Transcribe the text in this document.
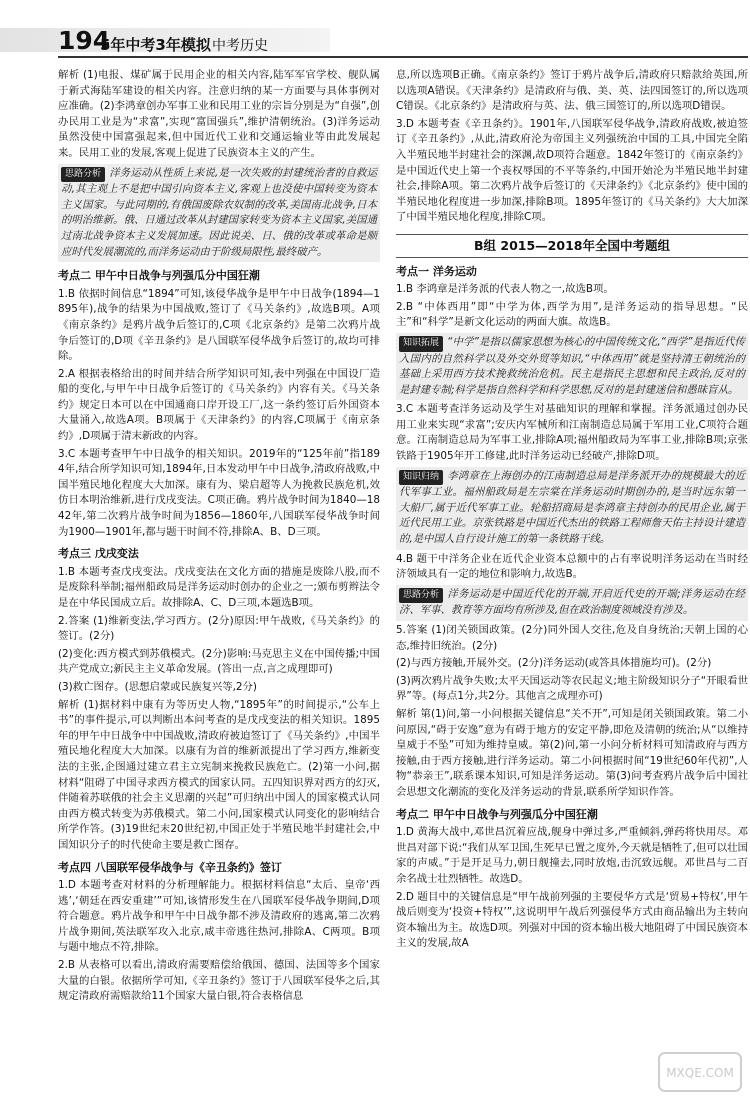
194
5年中考3年模拟 中考历史

解析 (1)电报、煤矿属于民用企业的相关内容,陆军军官学校、舰队属于新式海陆军建设的相关内容。注意归纳的某一方面要与具体事例对应准确。(2)李鸿章创办军事工业和民用工业的宗旨分别是为“自强”,创办民用工业是为“求富”,实现“富国强兵”,维护清朝统治。(3)洋务运动虽然没使中国富强起来,但中国近代工业和交通运输业等由此发展起来。民用工业的发展,客观上促进了民族资本主义的产生。

思路分析 洋务运动从性质上来说,是一次失败的封建统治者的自救运动,其主观上不是把中国引向资本主义,客观上也没使中国转变为资本主义国家。与此同期的,有俄国废除农奴制的改革,美国南北战争,日本的明治维新。俄、日通过改革从封建国家转变为资本主义国家,美国通过南北战争资本主义发展加速。因此说美、日、俄的改革或革命是顺应时代发展潮流的,而洋务运动由于阶级局限性,最终破产。

考点二 甲午中日战争与列强瓜分中国狂潮

1.B 依据时间信息“1894”可知,该侵华战争是甲午中日战争(1894—1895年),战争的结果为中国战败,签订了《马关条约》,故选B项。A项《南京条约》是鸦片战争后签订的,C项《北京条约》是第二次鸦片战争后签订的,D项《辛丑条约》是八国联军侵华战争后签订的,故均可排除。

2.A 根据表格给出的时间并结合所学知识可知,表中列强在中国设厂造船的变化,与甲午中日战争后签订的《马关条约》内容有关。《马关条约》规定日本可以在中国通商口岸开设工厂,这一条约签订后外国资本大量涌入,故选A项。B项属于《天津条约》的内容,C项属于《南京条约》,D项属于清末新政的内容。

3.C 本题考查甲午中日战争的相关知识。2019年的“125年前”指1894年,结合所学知识可知,1894年,日本发动甲午中日战争,清政府战败,中国半殖民地化程度大大加深。康有为、梁启超等人为挽救民族危机,效仿日本明治维新,进行戊戌变法。C项正确。鸦片战争时间为1840—1842年,第二次鸦片战争时间为1856—1860年,八国联军侵华战争时间为1900—1901年,都与题干时间不符,排除A、B、D三项。

考点三 戊戌变法

1.B 本题考查戊戌变法。戊戌变法在文化方面的措施是废除八股,而不是废除科举制;福州船政局是洋务运动时创办的企业之一;颁布剪辫法令是在中华民国成立后。故排除A、C、D三项,本题选B项。

2.答案 (1)维新变法,学习西方。(2分)原因:甲午战败,《马关条约》的签订。(2分)

(2)变化:西方模式到苏俄模式。(2分)影响:马克思主义在中国传播;中国共产党成立;新民主主义革命发展。(答出一点,言之成理即可)

(3)救亡图存。(思想启蒙或民族复兴等,2分)

解析 (1)据材料中康有为等历史人物,“1895年”的时间提示,“公车上书”的事件提示,可以判断出本问考查的是戊戌变法的相关知识。1895年的甲午中日战争中中国战败,清政府被迫签订了《马关条约》,中国半殖民地化程度大大加深。以康有为首的维新派提出了学习西方,维新变法的主张,企图通过建立君主立宪制来挽救民族危亡。(2)第一小问,据材料“阻碍了中国寻求西方模式的国家认同。五四知识界对西方的幻灭,伴随着苏联俄的社会主义思潮的兴起”可归纳出中国人的国家模式认同由西方模式转变为苏俄模式。第二小问,国家模式认同变化的影响结合所学作答。(3)19世纪末20世纪初,中国正处于半殖民地半封建社会,中国知识分子的时代使命主要是救亡图存。

考点四 八国联军侵华战争与《辛丑条约》签订

1.D 本题考查对材料的分析理解能力。根据材料信息“太后、皇帝‘西逃’,‘朝廷在西安重建’”可知,该情形发生在八国联军侵华战争期间,D项符合题意。鸦片战争和甲午中日战争都不涉及清政府的逃离,第二次鸦片战争期间,英法联军攻入北京,咸丰帝逃往热河,排除A、C两项。B项与题中地点不符,排除。

2.B 从表格可以看出,清政府需要赔偿给俄国、德国、法国等多个国家大量的白银。依据所学可知,《辛丑条约》签订于八国联军侵华之后,其规定清政府需赔款给11个国家大量白银,符合表格信息

息,所以选项B正确。《南京条约》签订于鸦片战争后,清政府只赔款给英国,所以选项A错误。《天津条约》是清政府与俄、美、英、法四国签订的,所以选项C错误。《北京条约》是清政府与英、法、俄三国签订的,所以选项D错误。

3.D 本题考查《辛丑条约》。1901年,八国联军侵华战争,清政府战败,被迫签订《辛丑条约》,从此,清政府沦为帝国主义列强统治中国的工具,中国完全陷入半殖民地半封建社会的深渊,故D项符合题意。1842年签订的《南京条约》是中国近代史上第一个丧权辱国的不平等条约,中国开始沦为半殖民地半封建社会,排除A项。第二次鸦片战争后签订的《天津条约》《北京条约》使中国的半殖民地化程度进一步加深,排除B项。1895年签订的《马关条约》大大加深了中国半殖民地化程度,排除C项。

B组 2015—2018年全国中考题组
考点一 洋务运动

1.B 李鸿章是洋务派的代表人物之一,故选B项。

2.B “中体西用”即“中学为体,西学为用”,是洋务运动的指导思想。“民主”和“科学”是新文化运动的两面大旗。故选B。

知识拓展 “中学”是指以儒家思想为核心的中国传统文化,“西学”是指近代传入国内的自然科学以及外交外贸等知识,“中体西用”就是坚持清王朝统治的基础上采用西方技术挽救统治危机。民主是指民主思想和民主政治,反对的是封建专制;科学是指自然科学和科学思想,反对的是封建迷信和愚昧盲从。

3.C 本题考查洋务运动及学生对基础知识的理解和掌握。洋务派通过创办民用工业来实现“求富”;安庆内军械所和江南制造总局属于军用工业,C项符合题意。江南制造总局为军事工业,排除A项;福州船政局为军事工业,排除B项;京张铁路于1905年开工修建,此时洋务运动已经破产,排除D项。

知识归纳 李鸿章在上海创办的江南制造总局是洋务派开办的规模最大的近代军事工业。福州船政局是左宗棠在洋务运动时期创办的,是当时远东第一大船厂,属于近代军事工业。轮船招商局是李鸿章主持创办的民用企业,属于近代民用工业。京张铁路是中国近代杰出的铁路工程师詹天佑主持设计建造的,是中国人自行设计施工的第一条铁路干线。

4.B 题干中洋务企业在近代企业资本总额中的占有率说明洋务运动在当时经济领域具有一定的地位和影响力,故选B。

思路分析 洋务运动是中国近代化的开端,开启近代史的开端;洋务运动在经济、军事、教育等方面均有所涉及,但在政治制度领域没有涉及。

5.答案 (1)闭关锁国政策。(2分)同外国人交往,危及自身统治;天朝上国的心态,维持旧统治。(2分)

(2)与西方接触,开展外交。(2分)洋务运动(或答具体措施均可)。(2分)

(3)两次鸦片战争失败;太平天国运动等农民起义;地主阶级知识分子“开眼看世界”等。(每点1分,共2分。其他言之成理亦可)

解析 第(1)问,第一小问根据关键信息“关不开”,可知是闭关锁国政策。第二小问原因,“碍于安逸”意为有碍于地方的安定平静,即危及清朝的统治;从“以维持皇威于不坠”可知为维持皇威。第(2)问,第一小问分析材料可知清政府与西方接触,由于西方接触,进行洋务运动。第二小问根据时间“19世纪60年代初”,人物“恭亲王”,联系课本知识,可知是洋务运动。第(3)问考查鸦片战争后中国社会思想文化潮流的变化及洋务运动的背景,联系所学知识作答。

考点二 甲午中日战争与列强瓜分中国狂潮

1.D 黄海大战中,邓世昌沉着应战,舰身中弹过多,严重倾斜,弹药将快用尽。邓世昌对部下说:“我们从军卫国,生死早已置之度外,今天就是牺牲了,但可以壮国家的声威。”于是开足马力,朝日舰撞去,同时放炮,击沉致远舰。邓世昌与二百余名战士壮烈牺牲。故选D。

2.D 题目中的关键信息是“甲午战前列强的主要侵华方式是‘贸易+特权’,甲午战后则变为‘投资+特权’”,这说明甲午战后列强侵华方式由商品输出为主转向资本输出为主。故选D项。列强对中国的资本输出极大地阻碍了中国民族资本主义的发展,故A

MXQE.COM
